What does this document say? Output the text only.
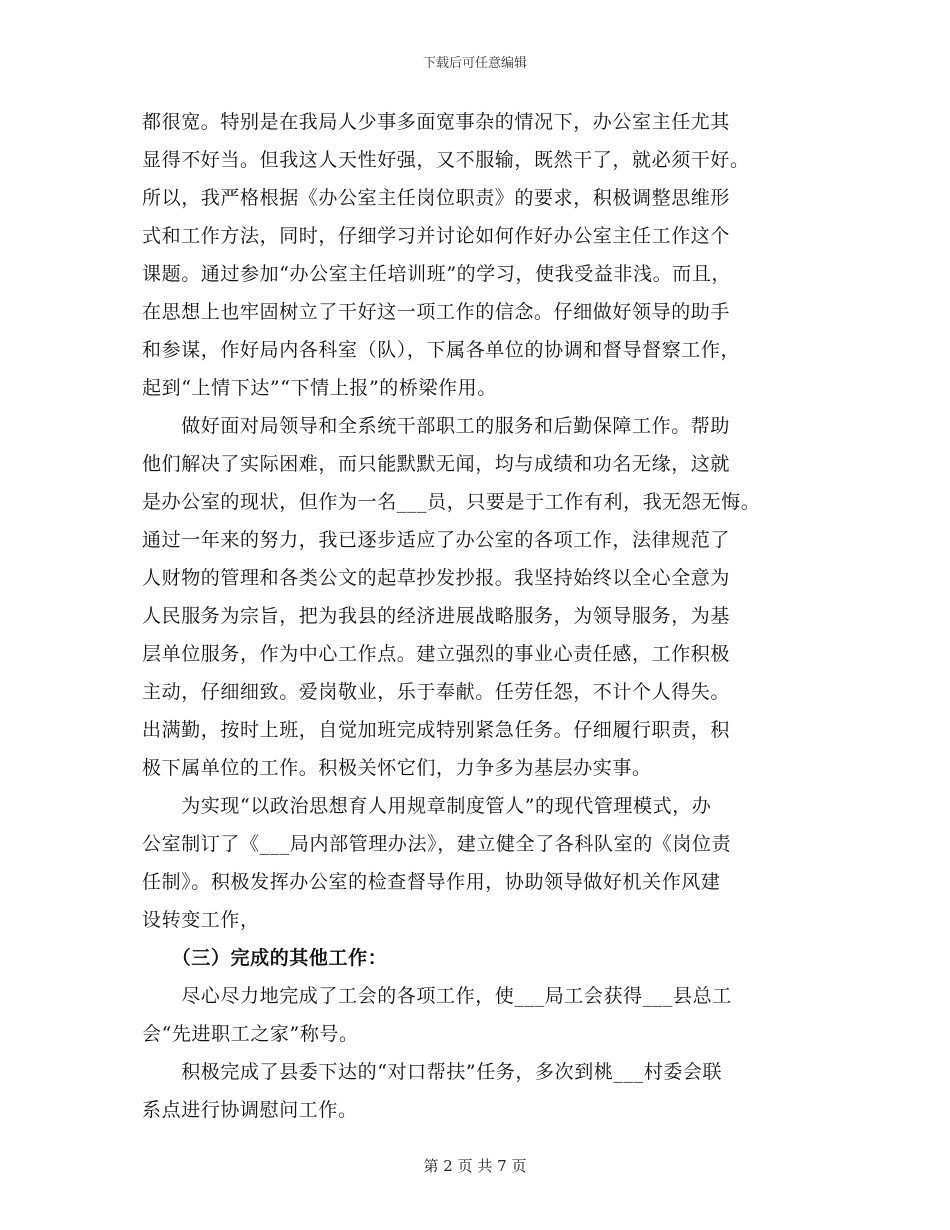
下载后可任意编辑
都很宽。特别是在我局人少事多面宽事杂的情况下，办公室主任尤其
显得不好当。但我这人天性好强，又不服输，既然干了，就必须干好。
所以，我严格根据《办公室主任岗位职责》的要求，积极调整思维形
式和工作方法，同时，仔细学习并讨论如何作好办公室主任工作这个
课题。通过参加“办公室主任培训班”的学习，使我受益非浅。而且，
在思想上也牢固树立了干好这一项工作的信念。仔细做好领导的助手
和参谋，作好局内各科室（队），下属各单位的协调和督导督察工作，
起到“上情下达”“下情上报”的桥梁作用。
　　做好面对局领导和全系统干部职工的服务和后勤保障工作。帮助
他们解决了实际困难，而只能默默无闻，均与成绩和功名无缘，这就
是办公室的现状，但作为一名___员，只要是于工作有利，我无怨无悔。
通过一年来的努力，我已逐步适应了办公室的各项工作，法律规范了
人财物的管理和各类公文的起草抄发抄报。我坚持始终以全心全意为
人民服务为宗旨，把为我县的经济进展战略服务，为领导服务，为基
层单位服务，作为中心工作点。建立强烈的事业心责任感，工作积极
主动，仔细细致。爱岗敬业，乐于奉献。任劳任怨，不计个人得失。
出满勤，按时上班，自觉加班完成特别紧急任务。仔细履行职责，积
极下属单位的工作。积极关怀它们，力争多为基层办实事。
　　为实现“以政治思想育人用规章制度管人”的现代管理模式，办
公室制订了《___局内部管理办法》，建立健全了各科队室的《岗位责
任制》。积极发挥办公室的检查督导作用，协助领导做好机关作风建
设转变工作，
　　（三）完成的其他工作：
　　尽心尽力地完成了工会的各项工作，使___局工会获得___县总工
会“先进职工之家”称号。
　　积极完成了县委下达的“对口帮扶”任务，多次到桃___村委会联
系点进行协调慰问工作。
第 2 页 共 7 页
